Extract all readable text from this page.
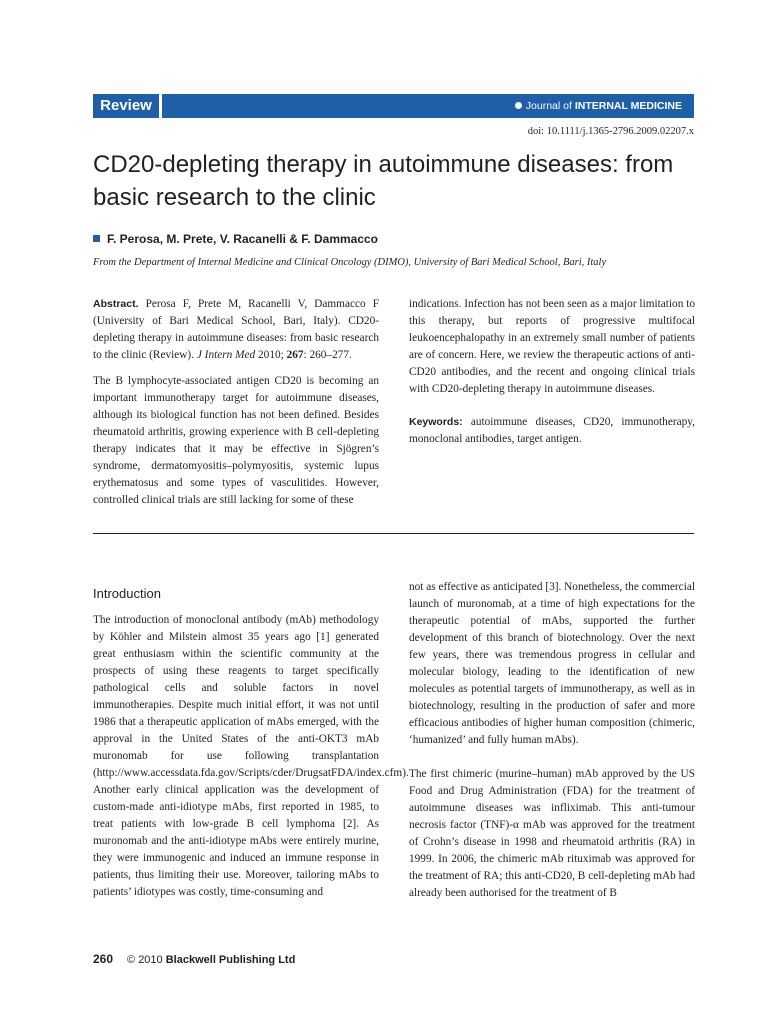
Review	Journal of INTERNAL MEDICINE
doi: 10.1111/j.1365-2796.2009.02207.x
CD20-depleting therapy in autoimmune diseases: from basic research to the clinic
F. Perosa, M. Prete, V. Racanelli & F. Dammacco
From the Department of Internal Medicine and Clinical Oncology (DIMO), University of Bari Medical School, Bari, Italy

Abstract. Perosa F, Prete M, Racanelli V, Dammacco F (University of Bari Medical School, Bari, Italy). CD20-depleting therapy in autoimmune diseases: from basic research to the clinic (Review). J Intern Med 2010; 267: 260–277.

The B lymphocyte-associated antigen CD20 is becoming an important immunotherapy target for autoimmune diseases, although its biological function has not been defined. Besides rheumatoid arthritis, growing experience with B cell-depleting therapy indicates that it may be effective in Sjögren’s syndrome, dermatomyositis–polymyositis, systemic lupus erythematosus and some types of vasculitides. However, controlled clinical trials are still lacking for some of these

indications. Infection has not been seen as a major limitation to this therapy, but reports of progressive multifocal leukoencephalopathy in an extremely small number of patients are of concern. Here, we review the therapeutic actions of anti-CD20 antibodies, and the recent and ongoing clinical trials with CD20-depleting therapy in autoimmune diseases.

Keywords: autoimmune diseases, CD20, immunotherapy, monoclonal antibodies, target antigen.

Introduction

The introduction of monoclonal antibody (mAb) methodology by Köhler and Milstein almost 35 years ago [1] generated great enthusiasm within the scientific community at the prospects of using these reagents to target specifically pathological cells and soluble factors in novel immunotherapies. Despite much initial effort, it was not until 1986 that a therapeutic application of mAbs emerged, with the approval in the United States of the anti-OKT3 mAb muronomab for use following transplantation (http://www.accessdata.fda.gov/Scripts/cder/DrugsatFDA/index.cfm). Another early clinical application was the development of custom-made anti-idiotype mAbs, first reported in 1985, to treat patients with low-grade B cell lymphoma [2]. As muronomab and the anti-idiotype mAbs were entirely murine, they were immunogenic and induced an immune response in patients, thus limiting their use. Moreover, tailoring mAbs to patients’ idiotypes was costly, time-consuming and

not as effective as anticipated [3]. Nonetheless, the commercial launch of muronomab, at a time of high expectations for the therapeutic potential of mAbs, supported the further development of this branch of biotechnology. Over the next few years, there was tremendous progress in cellular and molecular biology, leading to the identification of new molecules as potential targets of immunotherapy, as well as in biotechnology, resulting in the production of safer and more efficacious antibodies of higher human composition (chimeric, ‘humanized’ and fully human mAbs).

The first chimeric (murine–human) mAb approved by the US Food and Drug Administration (FDA) for the treatment of autoimmune diseases was infliximab. This anti-tumour necrosis factor (TNF)-α mAb was approved for the treatment of Crohn’s disease in 1998 and rheumatoid arthritis (RA) in 1999. In 2006, the chimeric mAb rituximab was approved for the treatment of RA; this anti-CD20, B cell-depleting mAb had already been authorised for the treatment of B

260 © 2010 Blackwell Publishing Ltd
